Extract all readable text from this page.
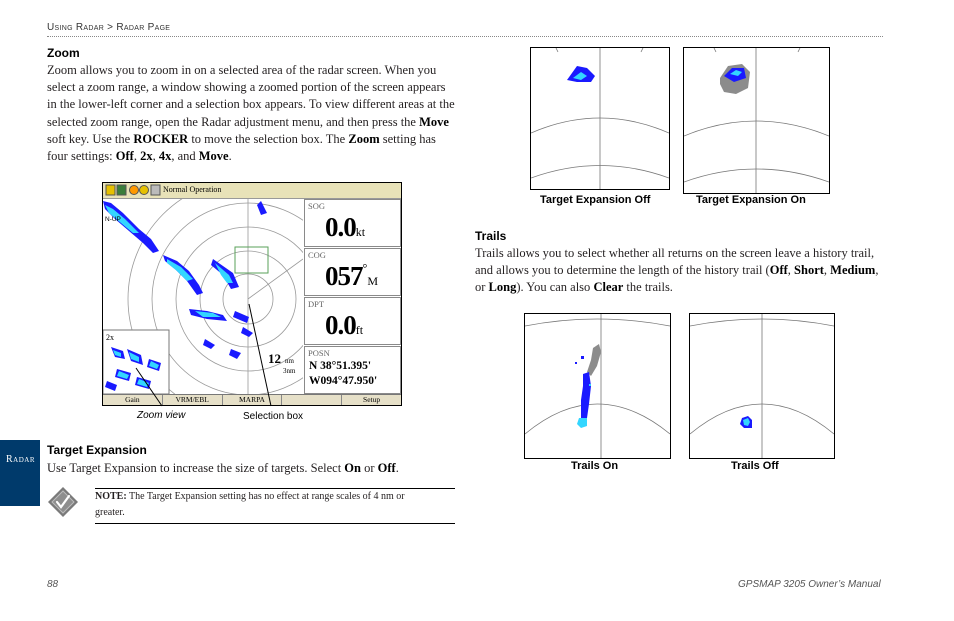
Using Radar > Radar Page
Radar
Zoom
Zoom allows you to zoom in on a selected area of the radar screen. When you
select a zoom range, a window showing a zoomed portion of the screen appears
in the lower-left corner and a selection box appears. To view different areas at the
selected zoom range, open the Radar adjustment menu, and then press the Move
soft key. Use the ROCKER to move the selection box. The Zoom setting has
four settings: Off, 2x, 4x, and Move.
Normal Operation
N-UP
12 nm
3nm
2x
SOG
0.0kt
COG
057°M
DPT
0.0ft
POSN
N 38°51.395'
W094°47.950'
Gain	VRM/EBL	MARPA	Setup
Zoom view	Selection box
Target Expansion
Use Target Expansion to increase the size of targets. Select On or Off.
NOTE: The Target Expansion setting has no effect at range scales of 4 nm or
greater.
Target Expansion Off	Target Expansion On
Trails
Trails allows you to select whether all returns on the screen leave a history trail,
and allows you to determine the length of the history trail (Off, Short, Medium,
or Long). You can also Clear the trails.
Trails On	Trails Off
88	GPSMAP 3205 Owner’s Manual
